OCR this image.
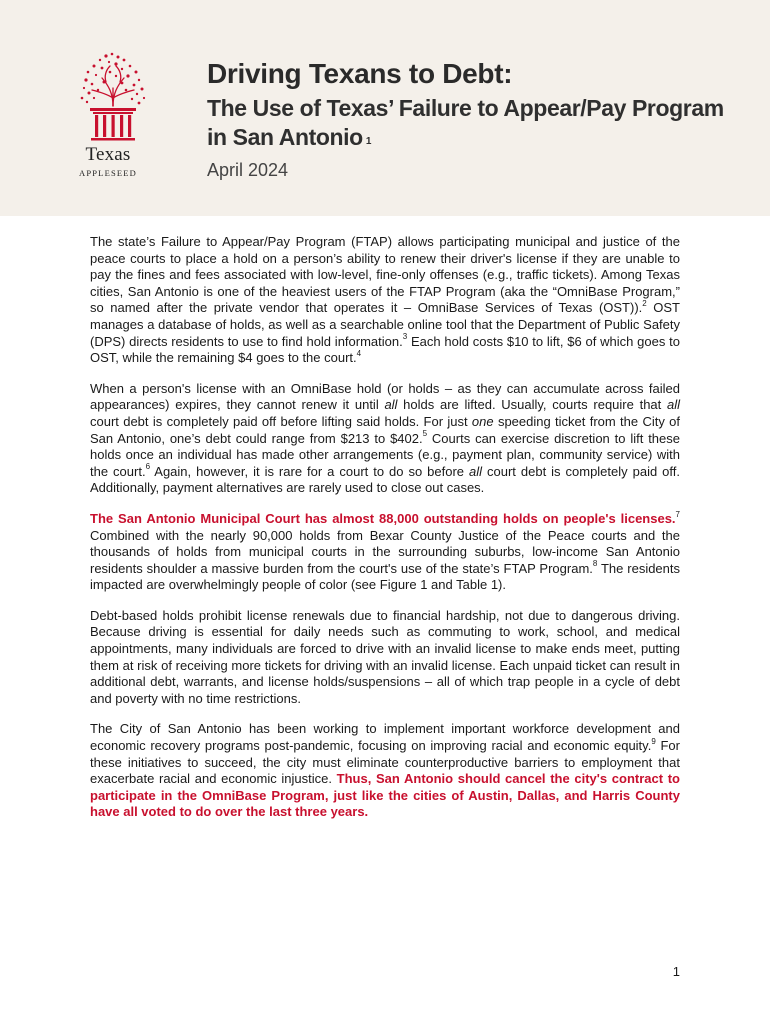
Texas
APPLESEED
Driving Texans to Debt:
The Use of Texas’ Failure to Appear/Pay Program in San Antonio $^1$
April 2024

The state’s Failure to Appear/Pay Program (FTAP) allows participating municipal and justice of the peace courts to place a hold on a person’s ability to renew their driver's license if they are unable to pay the fines and fees associated with low-level, fine-only offenses (e.g., traffic tickets). Among Texas cities, San Antonio is one of the heaviest users of the FTAP Program (aka the “OmniBase Program,” so named after the private vendor that operates it – OmniBase Services of Texas (OST)).$^2$ OST manages a database of holds, as well as a searchable online tool that the Department of Public Safety (DPS) directs residents to use to find hold information.$^3$ Each hold costs $10 to lift, $6 of which goes to OST, while the remaining $4 goes to the court.$^4$

When a person's license with an OmniBase hold (or holds – as they can accumulate across failed appearances) expires, they cannot renew it until all holds are lifted. Usually, courts require that all court debt is completely paid off before lifting said holds. For just one speeding ticket from the City of San Antonio, one’s debt could range from $213 to $402.$^5$ Courts can exercise discretion to lift these holds once an individual has made other arrangements (e.g., payment plan, community service) with the court.$^6$ Again, however, it is rare for a court to do so before all court debt is completely paid off. Additionally, payment alternatives are rarely used to close out cases.

The San Antonio Municipal Court has almost 88,000 outstanding holds on people's licenses.$^7$ Combined with the nearly 90,000 holds from Bexar County Justice of the Peace courts and the thousands of holds from municipal courts in the surrounding suburbs, low-income San Antonio residents shoulder a massive burden from the court's use of the state’s FTAP Program.$^8$ The residents impacted are overwhelmingly people of color (see Figure 1 and Table 1).

Debt-based holds prohibit license renewals due to financial hardship, not due to dangerous driving. Because driving is essential for daily needs such as commuting to work, school, and medical appointments, many individuals are forced to drive with an invalid license to make ends meet, putting them at risk of receiving more tickets for driving with an invalid license. Each unpaid ticket can result in additional debt, warrants, and license holds/suspensions – all of which trap people in a cycle of debt and poverty with no time restrictions.

The City of San Antonio has been working to implement important workforce development and economic recovery programs post-pandemic, focusing on improving racial and economic equity.$^9$ For these initiatives to succeed, the city must eliminate counterproductive barriers to employment that exacerbate racial and economic injustice. Thus, San Antonio should cancel the city's contract to participate in the OmniBase Program, just like the cities of Austin, Dallas, and Harris County have all voted to do over the last three years.

1
